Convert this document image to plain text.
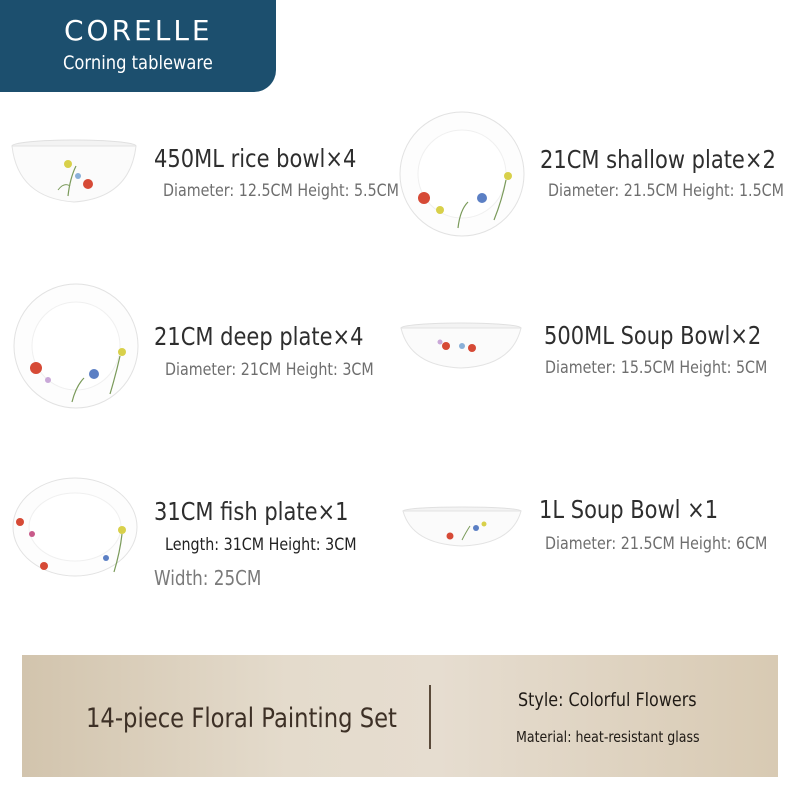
CORELLE
Corning tableware
450ML rice bowl×4
Diameter: 12.5CM Height: 5.5CM
21CM shallow plate×2
Diameter: 21.5CM Height: 1.5CM
21CM deep plate×4
Diameter: 21CM Height: 3CM
500ML Soup Bowl×2
Diameter: 15.5CM Height: 5CM
31CM fish plate×1
Length: 31CM Height: 3CM
Width: 25CM
1L Soup Bowl ×1
Diameter: 21.5CM Height: 6CM
14-piece Floral Painting Set
Style: Colorful Flowers
Material: heat-resistant glass
